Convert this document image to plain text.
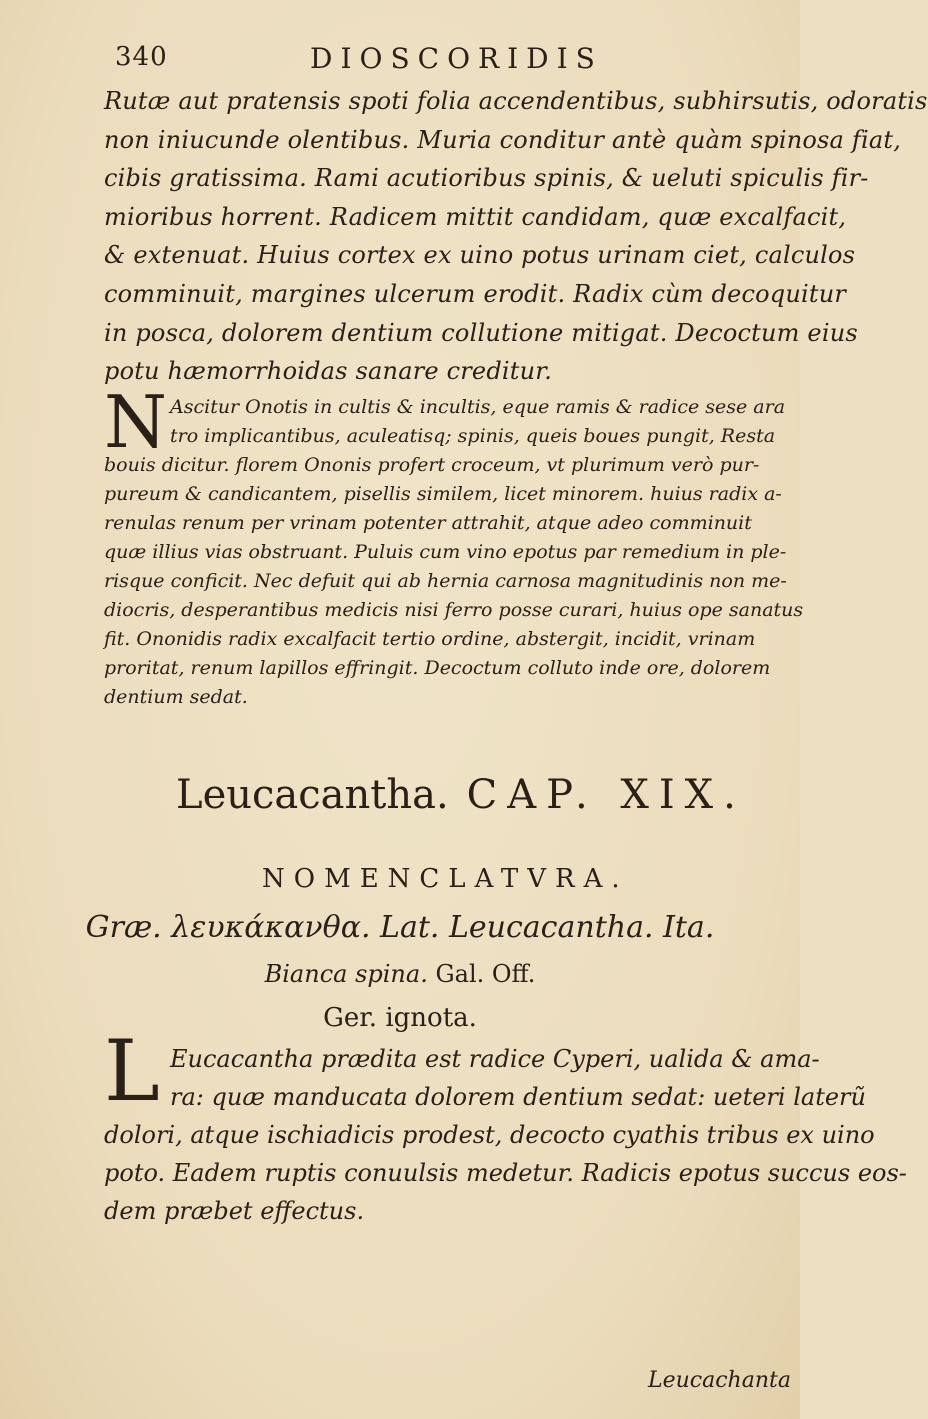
340	DIOSCORIDIS
Rutæ aut pratensis spoti folia accendentibus, subhirsutis, odoratis
non iniucunde olentibus. Muria conditur antè quàm spinosa fiat,
cibis gratissima. Rami acutioribus spinis, & ueluti spiculis fir-
mioribus horrent. Radicem mittit candidam, quæ excalfacit,
& extenuat. Huius cortex ex uino potus urinam ciet, calculos
comminuit, margines ulcerum erodit. Radix cùm decoquitur
in posca, dolorem dentium collutione mitigat. Decoctum eius
potu hæmorrhoidas sanare creditur.
N Ascitur Onotis in cultis & incultis, eque ramis & radice sese ara
tro implicantibus, aculeatisq; spinis, queis boues pungit, Resta
bouis dicitur. florem Ononis profert croceum, vt plurimum verò pur-
pureum & candicantem, pisellis similem, licet minorem. huius radix a-
renulas renum per vrinam potenter attrahit, atque adeo comminuit
quæ illius vias obstruant. Puluis cum vino epotus par remedium in ple-
risque conficit. Nec defuit qui ab hernia carnosa magnitudinis non me-
diocris, desperantibus medicis nisi ferro posse curari, huius ope sanatus
fit. Ononidis radix excalfacit tertio ordine, abstergit, incidit, vrinam
proritat, renum lapillos effringit. Decoctum colluto inde ore, dolorem
dentium sedat.
Leucacantha. CAP. XIX.
NOMENCLATVRA.
Græ. λευκάκανθα. Lat. Leucacantha. Ita.
Bianca spina. Gal. Off.
Ger. ignota.
L Eucacantha prædita est radice Cyperi, ualida & ama-
ra: quæ manducata dolorem dentium sedat: ueteri laterũ
dolori, atque ischiadicis prodest, decocto cyathis tribus ex uino
poto. Eadem ruptis conuulsis medetur. Radicis epotus succus eos-
dem præbet effectus.
Leucachanta
